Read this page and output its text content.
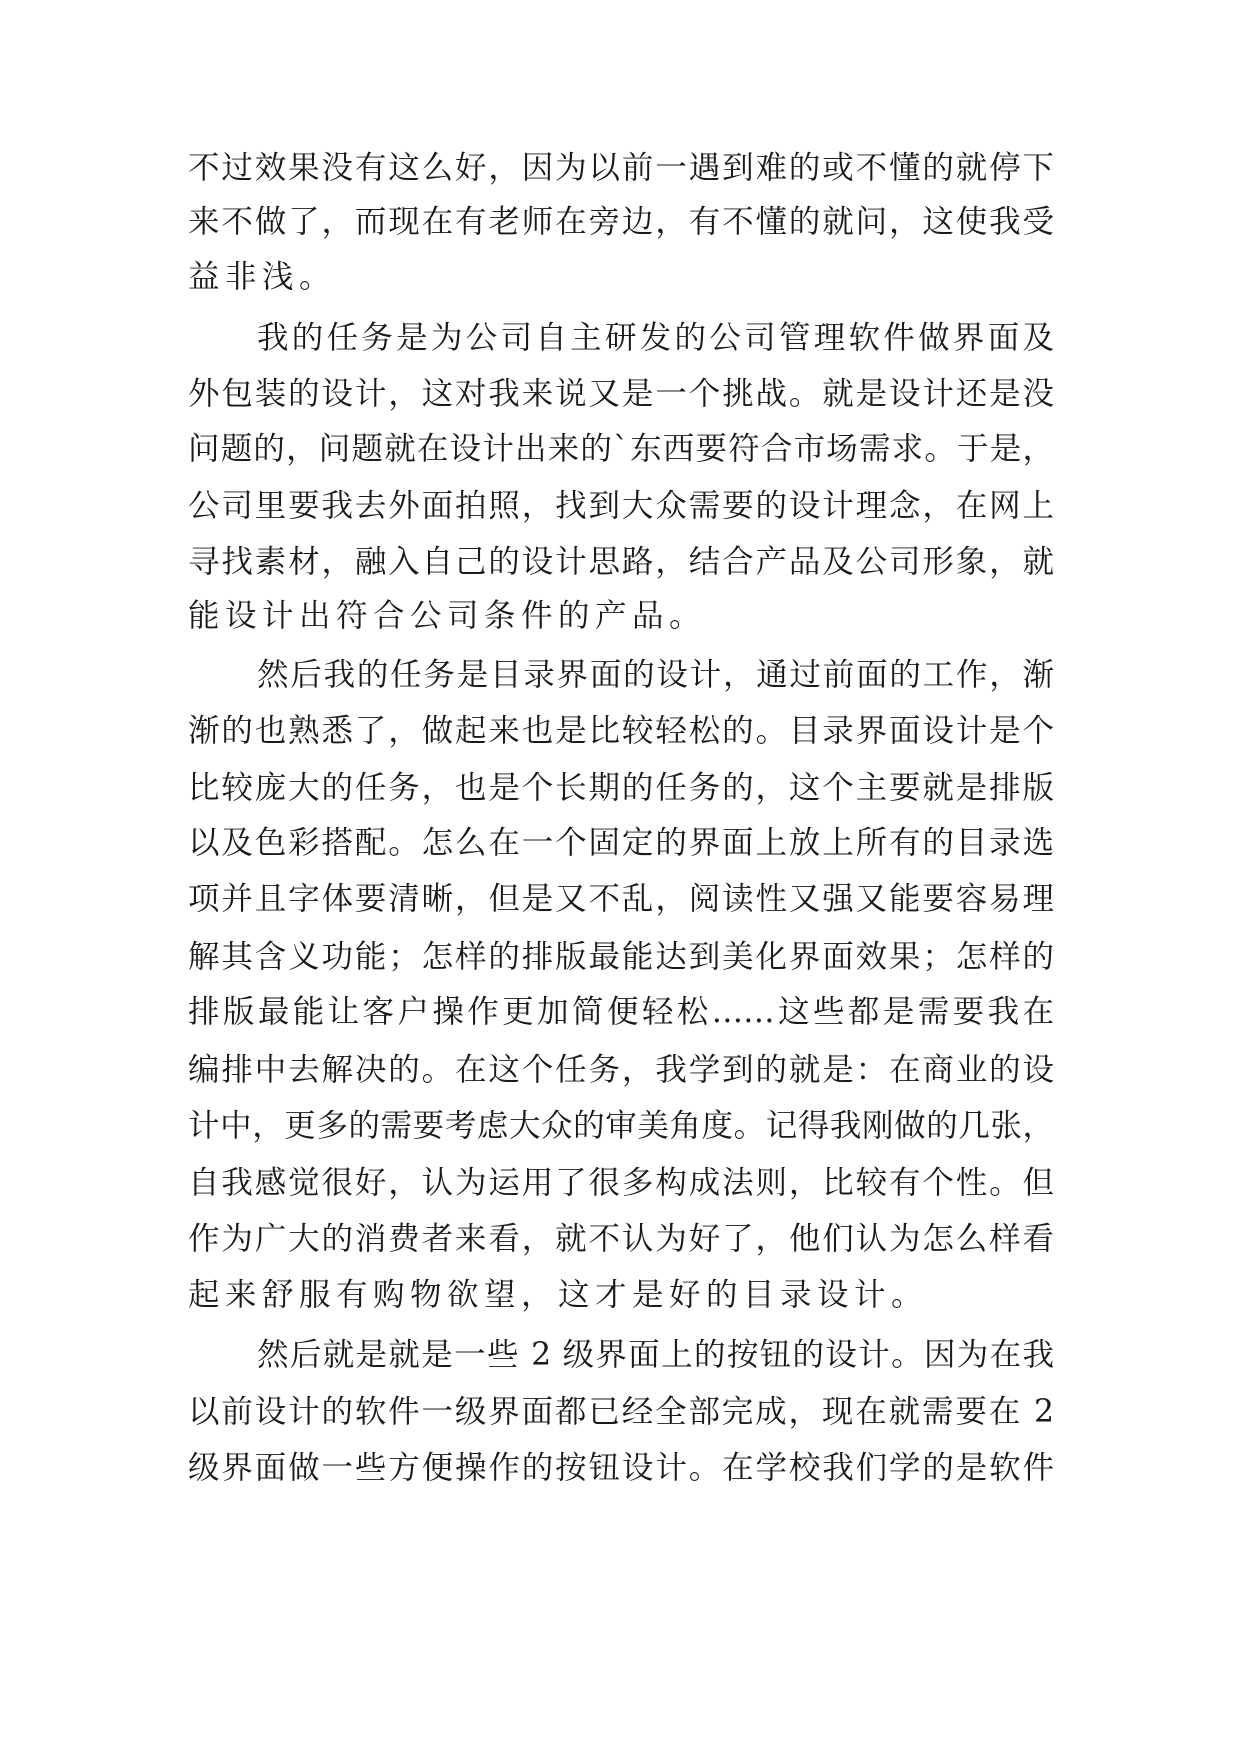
不过效果没有这么好，因为以前一遇到难的或不懂的就停下
来不做了，而现在有老师在旁边，有不懂的就问，这使我受
益非浅。
我的任务是为公司自主研发的公司管理软件做界面及
外包装的设计，这对我来说又是一个挑战。就是设计还是没
问题的，问题就在设计出来的`东西要符合市场需求。于是，
公司里要我去外面拍照，找到大众需要的设计理念，在网上
寻找素材，融入自己的设计思路，结合产品及公司形象，就
能设计出符合公司条件的产品。
然后我的任务是目录界面的设计，通过前面的工作，渐
渐的也熟悉了，做起来也是比较轻松的。目录界面设计是个
比较庞大的任务，也是个长期的任务的，这个主要就是排版
以及色彩搭配。怎么在一个固定的界面上放上所有的目录选
项并且字体要清晰，但是又不乱，阅读性又强又能要容易理
解其含义功能；怎样的排版最能达到美化界面效果；怎样的
排版最能让客户操作更加简便轻松……这些都是需要我在
编排中去解决的。在这个任务，我学到的就是：在商业的设
计中，更多的需要考虑大众的审美角度。记得我刚做的几张，
自我感觉很好，认为运用了很多构成法则，比较有个性。但
作为广大的消费者来看，就不认为好了，他们认为怎么样看
起来舒服有购物欲望，这才是好的目录设计。
然后就是就是一些 2 级界面上的按钮的设计。因为在我
以前设计的软件一级界面都已经全部完成，现在就需要在 2
级界面做一些方便操作的按钮设计。在学校我们学的是软件
